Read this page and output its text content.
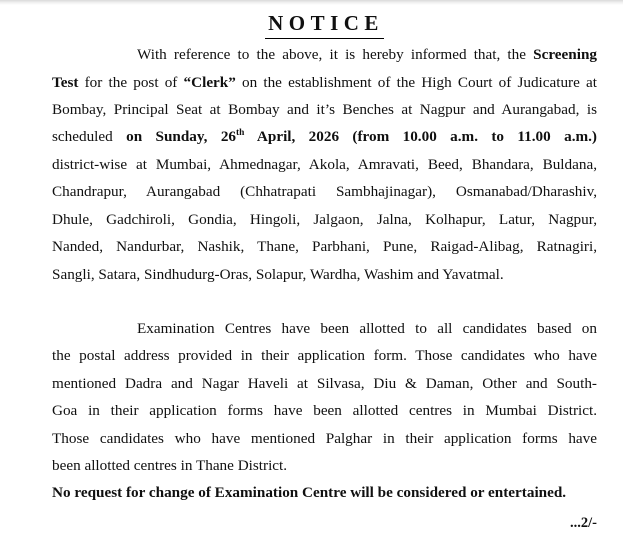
NOTICE
With reference to the above, it is hereby informed that, the Screening
Test for the post of “Clerk” on the establishment of the High Court of Judicature at
Bombay, Principal Seat at Bombay and it’s Benches at Nagpur and Aurangabad, is
scheduled on Sunday, 26th April, 2026 (from 10.00 a.m. to 11.00 a.m.)
district-wise at Mumbai, Ahmednagar, Akola, Amravati, Beed, Bhandara, Buldana,
Chandrapur, Aurangabad (Chhatrapati Sambhajinagar), Osmanabad/Dharashiv,
Dhule, Gadchiroli, Gondia, Hingoli, Jalgaon, Jalna, Kolhapur, Latur, Nagpur,
Nanded, Nandurbar, Nashik, Thane, Parbhani, Pune, Raigad-Alibag, Ratnagiri,
Sangli, Satara, Sindhudurg-Oras, Solapur, Wardha, Washim and Yavatmal.
Examination Centres have been allotted to all candidates based on
the postal address provided in their application form. Those candidates who have
mentioned Dadra and Nagar Haveli at Silvasa, Diu & Daman, Other and South-
Goa in their application forms have been allotted centres in Mumbai District.
Those candidates who have mentioned Palghar in their application forms have
been allotted centres in Thane District.
No request for change of Examination Centre will be considered or entertained.
...2/-
